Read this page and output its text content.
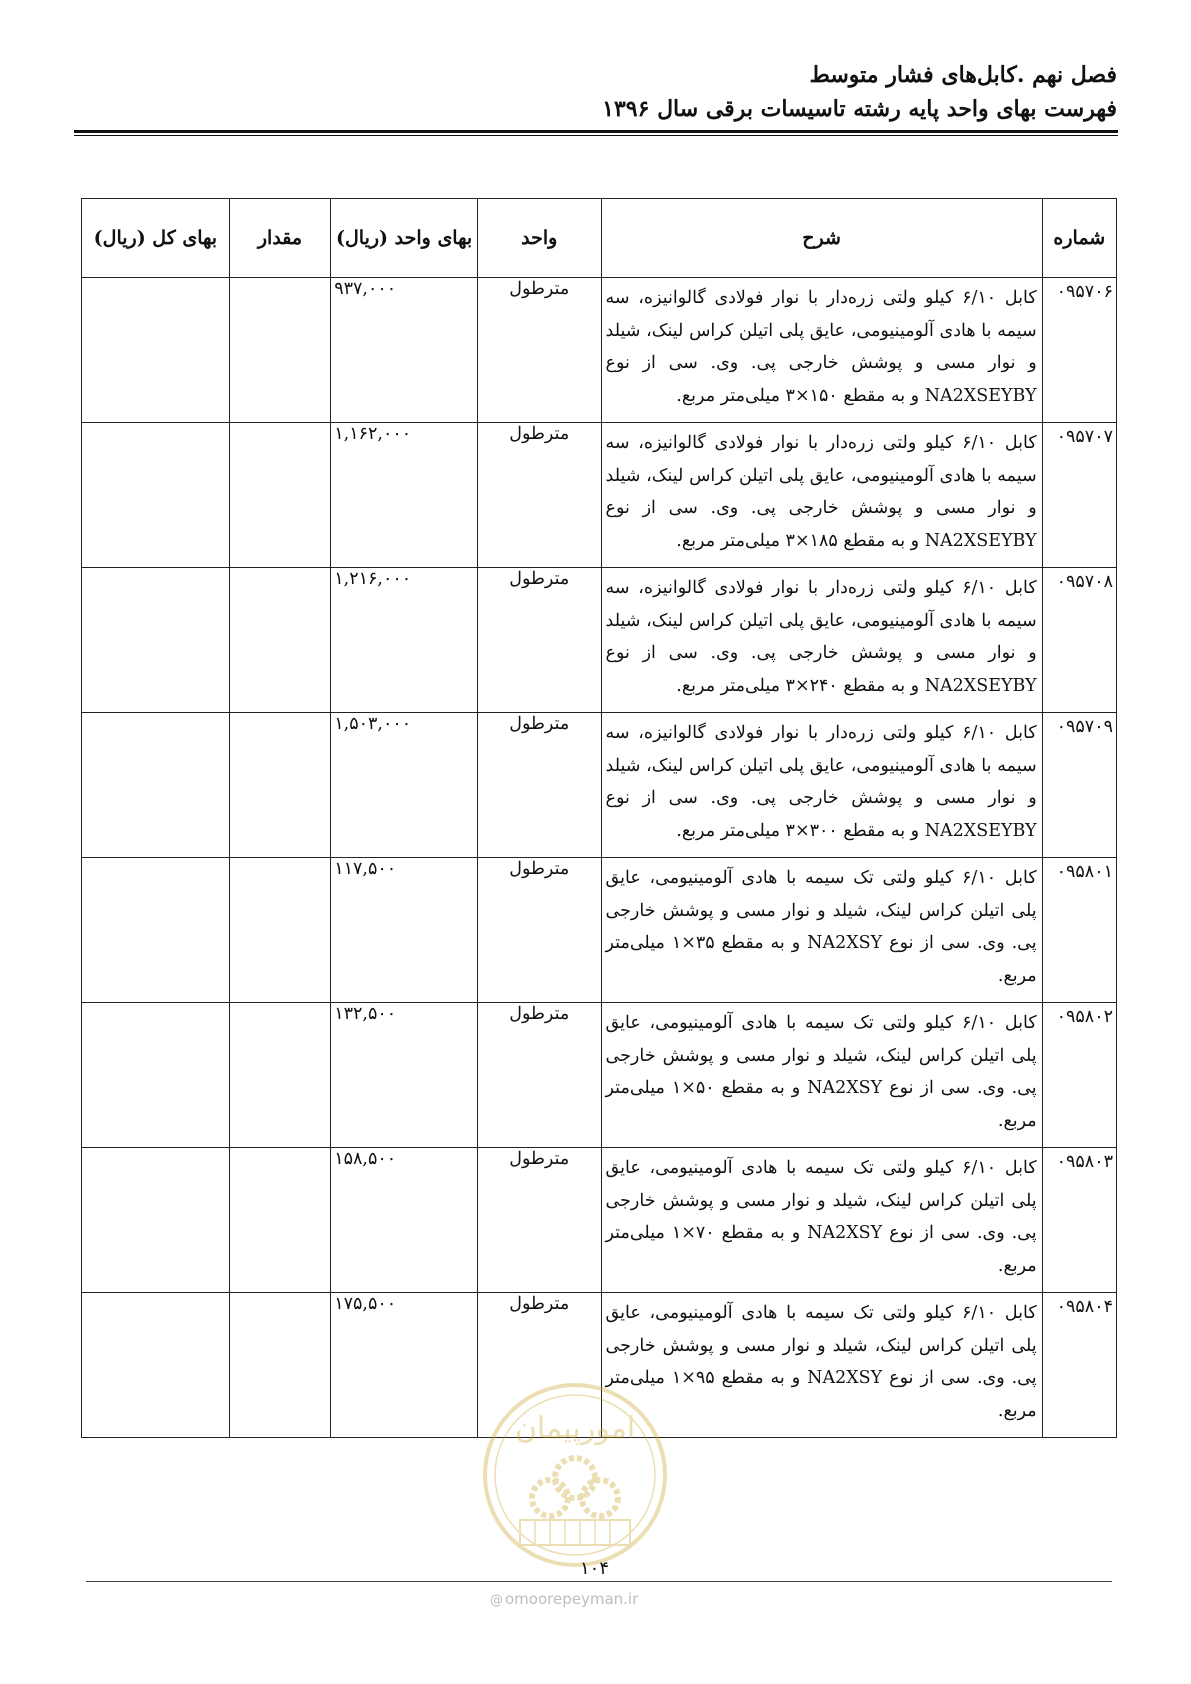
فصل نهم .کابل‌های فشار متوسط
فهرست بهای واحد پایه رشته تاسیسات برقی سال ۱۳۹۶
شماره	شرح	واحد	بهای واحد (ریال)	مقدار	بهای کل (ریال)
۰۹۵۷۰۶	کابل ۶/۱۰ کیلو ولتی زره‌دار با نوار فولادی گالوانیزه، سه سیمه با هادی آلومینیومی، عایق پلی اتیلن کراس لینک، شیلد و نوار مسی و پوشش خارجی پی. وی. سی از نوع NA2XSEYBY و به مقطع ۱۵۰×۳ میلی‌متر مربع.	مترطول	۹۳۷,۰۰۰		
۰۹۵۷۰۷	کابل ۶/۱۰ کیلو ولتی زره‌دار با نوار فولادی گالوانیزه، سه سیمه با هادی آلومینیومی، عایق پلی اتیلن کراس لینک، شیلد و نوار مسی و پوشش خارجی پی. وی. سی از نوع NA2XSEYBY و به مقطع ۱۸۵×۳ میلی‌متر مربع.	مترطول	۱,۱۶۲,۰۰۰		
۰۹۵۷۰۸	کابل ۶/۱۰ کیلو ولتی زره‌دار با نوار فولادی گالوانیزه، سه سیمه با هادی آلومینیومی، عایق پلی اتیلن کراس لینک، شیلد و نوار مسی و پوشش خارجی پی. وی. سی از نوع NA2XSEYBY و به مقطع ۲۴۰×۳ میلی‌متر مربع.	مترطول	۱,۲۱۶,۰۰۰		
۰۹۵۷۰۹	کابل ۶/۱۰ کیلو ولتی زره‌دار با نوار فولادی گالوانیزه، سه سیمه با هادی آلومینیومی، عایق پلی اتیلن کراس لینک، شیلد و نوار مسی و پوشش خارجی پی. وی. سی از نوع NA2XSEYBY و به مقطع ۳۰۰×۳ میلی‌متر مربع.	مترطول	۱,۵۰۳,۰۰۰		
۰۹۵۸۰۱	کابل ۶/۱۰ کیلو ولتی تک سیمه با هادی آلومینیومی، عایق پلی اتیلن کراس لینک، شیلد و نوار مسی و پوشش خارجی پی. وی. سی از نوع NA2XSY و به مقطع ۳۵×۱ میلی‌متر مربع.	مترطول	۱۱۷,۵۰۰		
۰۹۵۸۰۲	کابل ۶/۱۰ کیلو ولتی تک سیمه با هادی آلومینیومی، عایق پلی اتیلن کراس لینک، شیلد و نوار مسی و پوشش خارجی پی. وی. سی از نوع NA2XSY و به مقطع ۵۰×۱ میلی‌متر مربع.	مترطول	۱۳۲,۵۰۰		
۰۹۵۸۰۳	کابل ۶/۱۰ کیلو ولتی تک سیمه با هادی آلومینیومی، عایق پلی اتیلن کراس لینک، شیلد و نوار مسی و پوشش خارجی پی. وی. سی از نوع NA2XSY و به مقطع ۷۰×۱ میلی‌متر مربع.	مترطول	۱۵۸,۵۰۰		
۰۹۵۸۰۴	کابل ۶/۱۰ کیلو ولتی تک سیمه با هادی آلومینیومی، عایق پلی اتیلن کراس لینک، شیلد و نوار مسی و پوشش خارجی پی. وی. سی از نوع NA2XSY و به مقطع ۹۵×۱ میلی‌متر مربع.	مترطول	۱۷۵,۵۰۰		
امورپیمان
۱۰۴
@ omoorepeyman.ir
